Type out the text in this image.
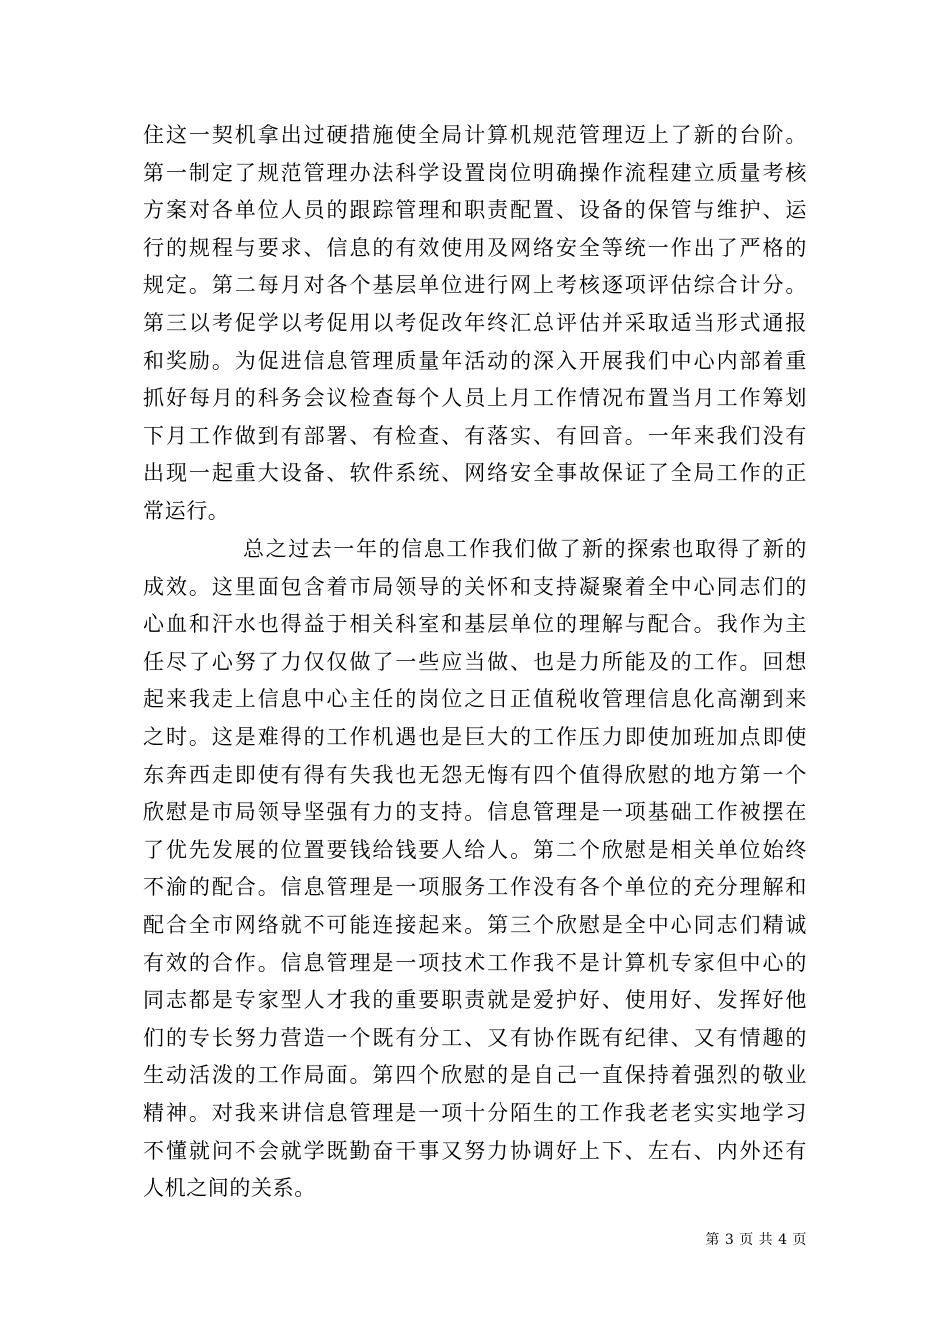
住这一契机拿出过硬措施使全局计算机规范管理迈上了新的台阶。
第一制定了规范管理办法科学设置岗位明确操作流程建立质量考核
方案对各单位人员的跟踪管理和职责配置、设备的保管与维护、运
行的规程与要求、信息的有效使用及网络安全等统一作出了严格的
规定。第二每月对各个基层单位进行网上考核逐项评估综合计分。
第三以考促学以考促用以考促改年终汇总评估并采取适当形式通报
和奖励。为促进信息管理质量年活动的深入开展我们中心内部着重
抓好每月的科务会议检查每个人员上月工作情况布置当月工作筹划
下月工作做到有部署、有检查、有落实、有回音。一年来我们没有
出现一起重大设备、软件系统、网络安全事故保证了全局工作的正
常运行。
总之过去一年的信息工作我们做了新的探索也取得了新的
成效。这里面包含着市局领导的关怀和支持凝聚着全中心同志们的
心血和汗水也得益于相关科室和基层单位的理解与配合。我作为主
任尽了心努了力仅仅做了一些应当做、也是力所能及的工作。回想
起来我走上信息中心主任的岗位之日正值税收管理信息化高潮到来
之时。这是难得的工作机遇也是巨大的工作压力即使加班加点即使
东奔西走即使有得有失我也无怨无悔有四个值得欣慰的地方第一个
欣慰是市局领导坚强有力的支持。信息管理是一项基础工作被摆在
了优先发展的位置要钱给钱要人给人。第二个欣慰是相关单位始终
不渝的配合。信息管理是一项服务工作没有各个单位的充分理解和
配合全市网络就不可能连接起来。第三个欣慰是全中心同志们精诚
有效的合作。信息管理是一项技术工作我不是计算机专家但中心的
同志都是专家型人才我的重要职责就是爱护好、使用好、发挥好他
们的专长努力营造一个既有分工、又有协作既有纪律、又有情趣的
生动活泼的工作局面。第四个欣慰的是自己一直保持着强烈的敬业
精神。对我来讲信息管理是一项十分陌生的工作我老老实实地学习
不懂就问不会就学既勤奋干事又努力协调好上下、左右、内外还有
人机之间的关系。
第 3 页 共 4 页
